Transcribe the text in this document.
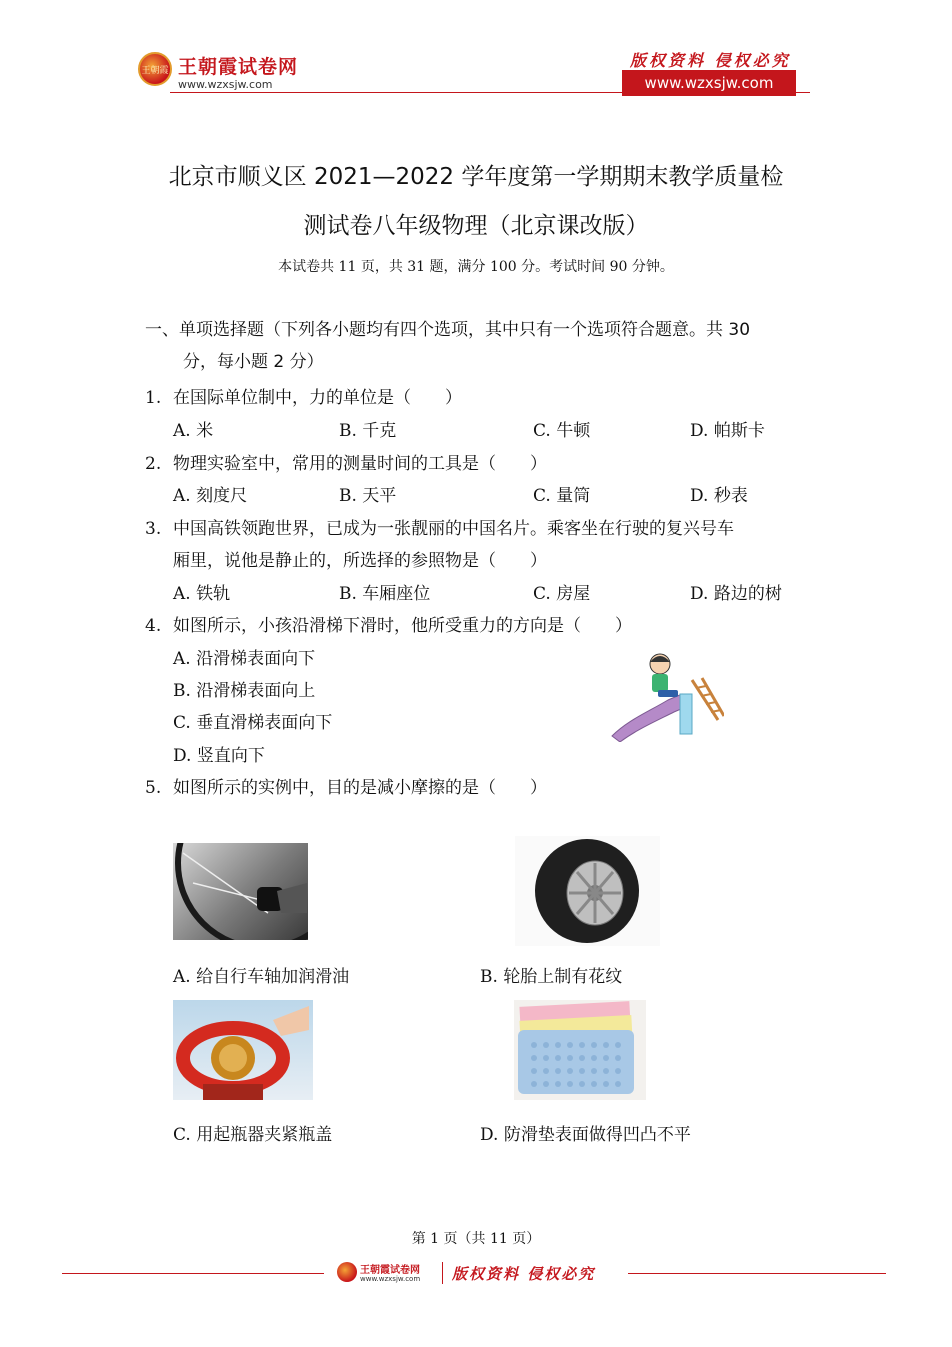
王朝霞 王朝霞试卷网
www.wzxsjw.com
版权资料 侵权必究
www.wzxsjw.com
北京市顺义区 2021—2022 学年度第一学期期末教学质量检
测试卷八年级物理（北京课改版）
本试卷共 11 页，共 31 题，满分 100 分。考试时间 90 分钟。
一、单项选择题（下列各小题均有四个选项，其中只有一个选项符合题意。共 30
分，每小题 2 分）
1. 在国际单位制中，力的单位是（　　）
A. 米	B. 千克	C. 牛顿	D. 帕斯卡
2. 物理实验室中，常用的测量时间的工具是（　　）
A. 刻度尺	B. 天平	C. 量筒	D. 秒表
3. 中国高铁领跑世界，已成为一张靓丽的中国名片。乘客坐在行驶的复兴号车
厢里，说他是静止的，所选择的参照物是（　　）
A. 铁轨	B. 车厢座位	C. 房屋	D. 路边的树
4. 如图所示，小孩沿滑梯下滑时，他所受重力的方向是（　　）
A. 沿滑梯表面向下
B. 沿滑梯表面向上
C. 垂直滑梯表面向下
D. 竖直向下
5. 如图所示的实例中，目的是减小摩擦的是（　　）
A. 给自行车轴加润滑油	B. 轮胎上制有花纹
C. 用起瓶器夹紧瓶盖	D. 防滑垫表面做得凹凸不平
第 1 页（共 11 页）
王朝霞试卷网
www.wzxsjw.com 版权资料 侵权必究
